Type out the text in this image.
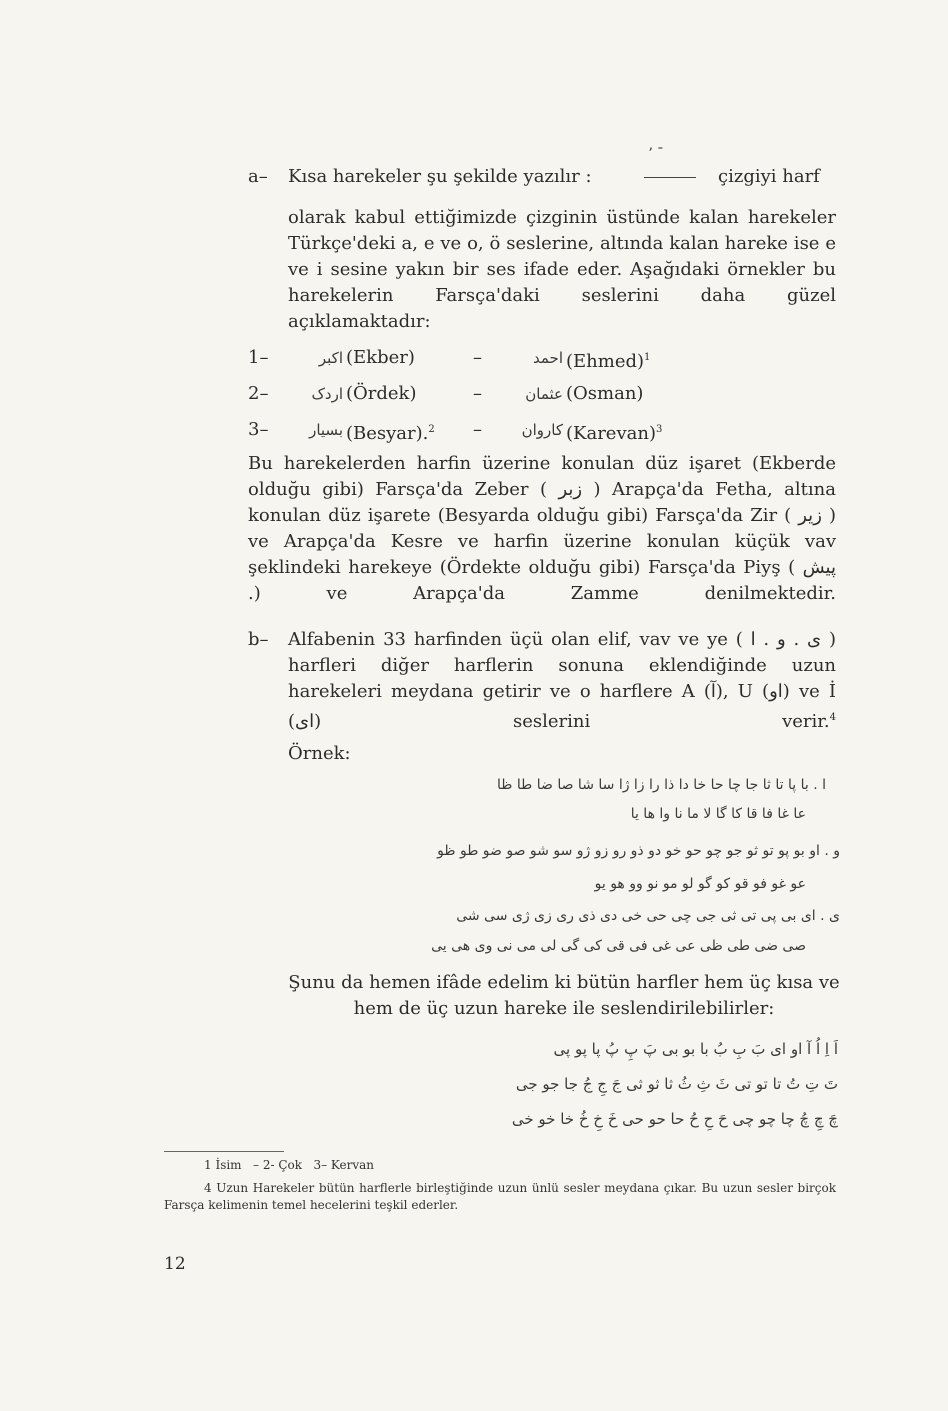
a– Kısa harekeler şu şekilde yazılır :
ʼ ˉ
çizgiyi harf
olarak kabul ettiğimizde çizginin üstünde kalan harekeler Türkçe'deki a, e ve o, ö seslerine, altında kalan hareke ise e ve i sesine yakın bir ses ifade eder. Aşağıdaki örnekler bu harekelerin Farsça'daki seslerini daha güzel açıklamaktadır:
1–	اکبر (Ekber)	–	احمد (Ehmed)$^1$
2–	اردک (Ördek)	–	عثمان (Osman)
3–	بسیار (Besyar).$^2$ –	کاروان (Karevan)$^3$
Bu harekelerden harfin üzerine konulan düz işaret (Ekberde olduğu gibi) Farsça'da Zeber ( زبر ) Arapça'da Fetha, altına konulan düz işarete (Besyarda olduğu gibi) Farsça'da Zir ( زیر ) ve Arapça'da Kesre ve harfin üzerine konulan küçük vav şeklindeki harekeye (Ördekte olduğu gibi) Farsça'da Piyş ( پیش .) ve Arapça'da Zamme denilmektedir.
b– Alfabenin 33 harfinden üçü olan elif, vav ve ye ( ی . و . ا ) harfleri diğer harflerin sonuna eklendiğinde uzun harekeleri meydana getirir ve o harflere A (آ), U (او) ve İ (ای) seslerini verir.$^4$
Örnek:
ا . با پا تا ثا جا چا حا خا دا ذا را زا ژا سا شا صا ضا طا ظا
عا غا فا قا کا گا لا ما نا وا ها یا
و . او بو پو تو ثو جو چو حو خو دو ذو رو زو ژو سو شو صو ضو طو ظو
عو غو فو قو کو گو لو مو نو وو هو یو
ی . ای بی پی تی ثی جی چی حی خی دی ذی ری زی ژی سی شی
صی ضی طی ظی عی غی فی قی کی گی لی می نی وی هی یی
Şunu da hemen ifâde edelim ki bütün harfler hem üç kısa ve hem de üç uzun hareke ile seslendirilebilirler:
اَ اِ اُ آ او ای بَ بِ بُ با بو بی پَ پِ پُ پا پو پی
تَ تِ تُ تا تو تی ثَ ثِ ثُ ثا ثو ثی جَ جِ جُ جا جو جی
چَ چِ چُ چا چو چی حَ حِ حُ حا حو حی خَ خِ خُ خا خو خی
1 İsim   – 2- Çok   3– Kervan
4 Uzun Harekeler bütün harflerle birleştiğinde uzun ünlü sesler meydana çıkar. Bu uzun sesler birçok Farsça kelimenin temel hecelerini teşkil ederler.
12
